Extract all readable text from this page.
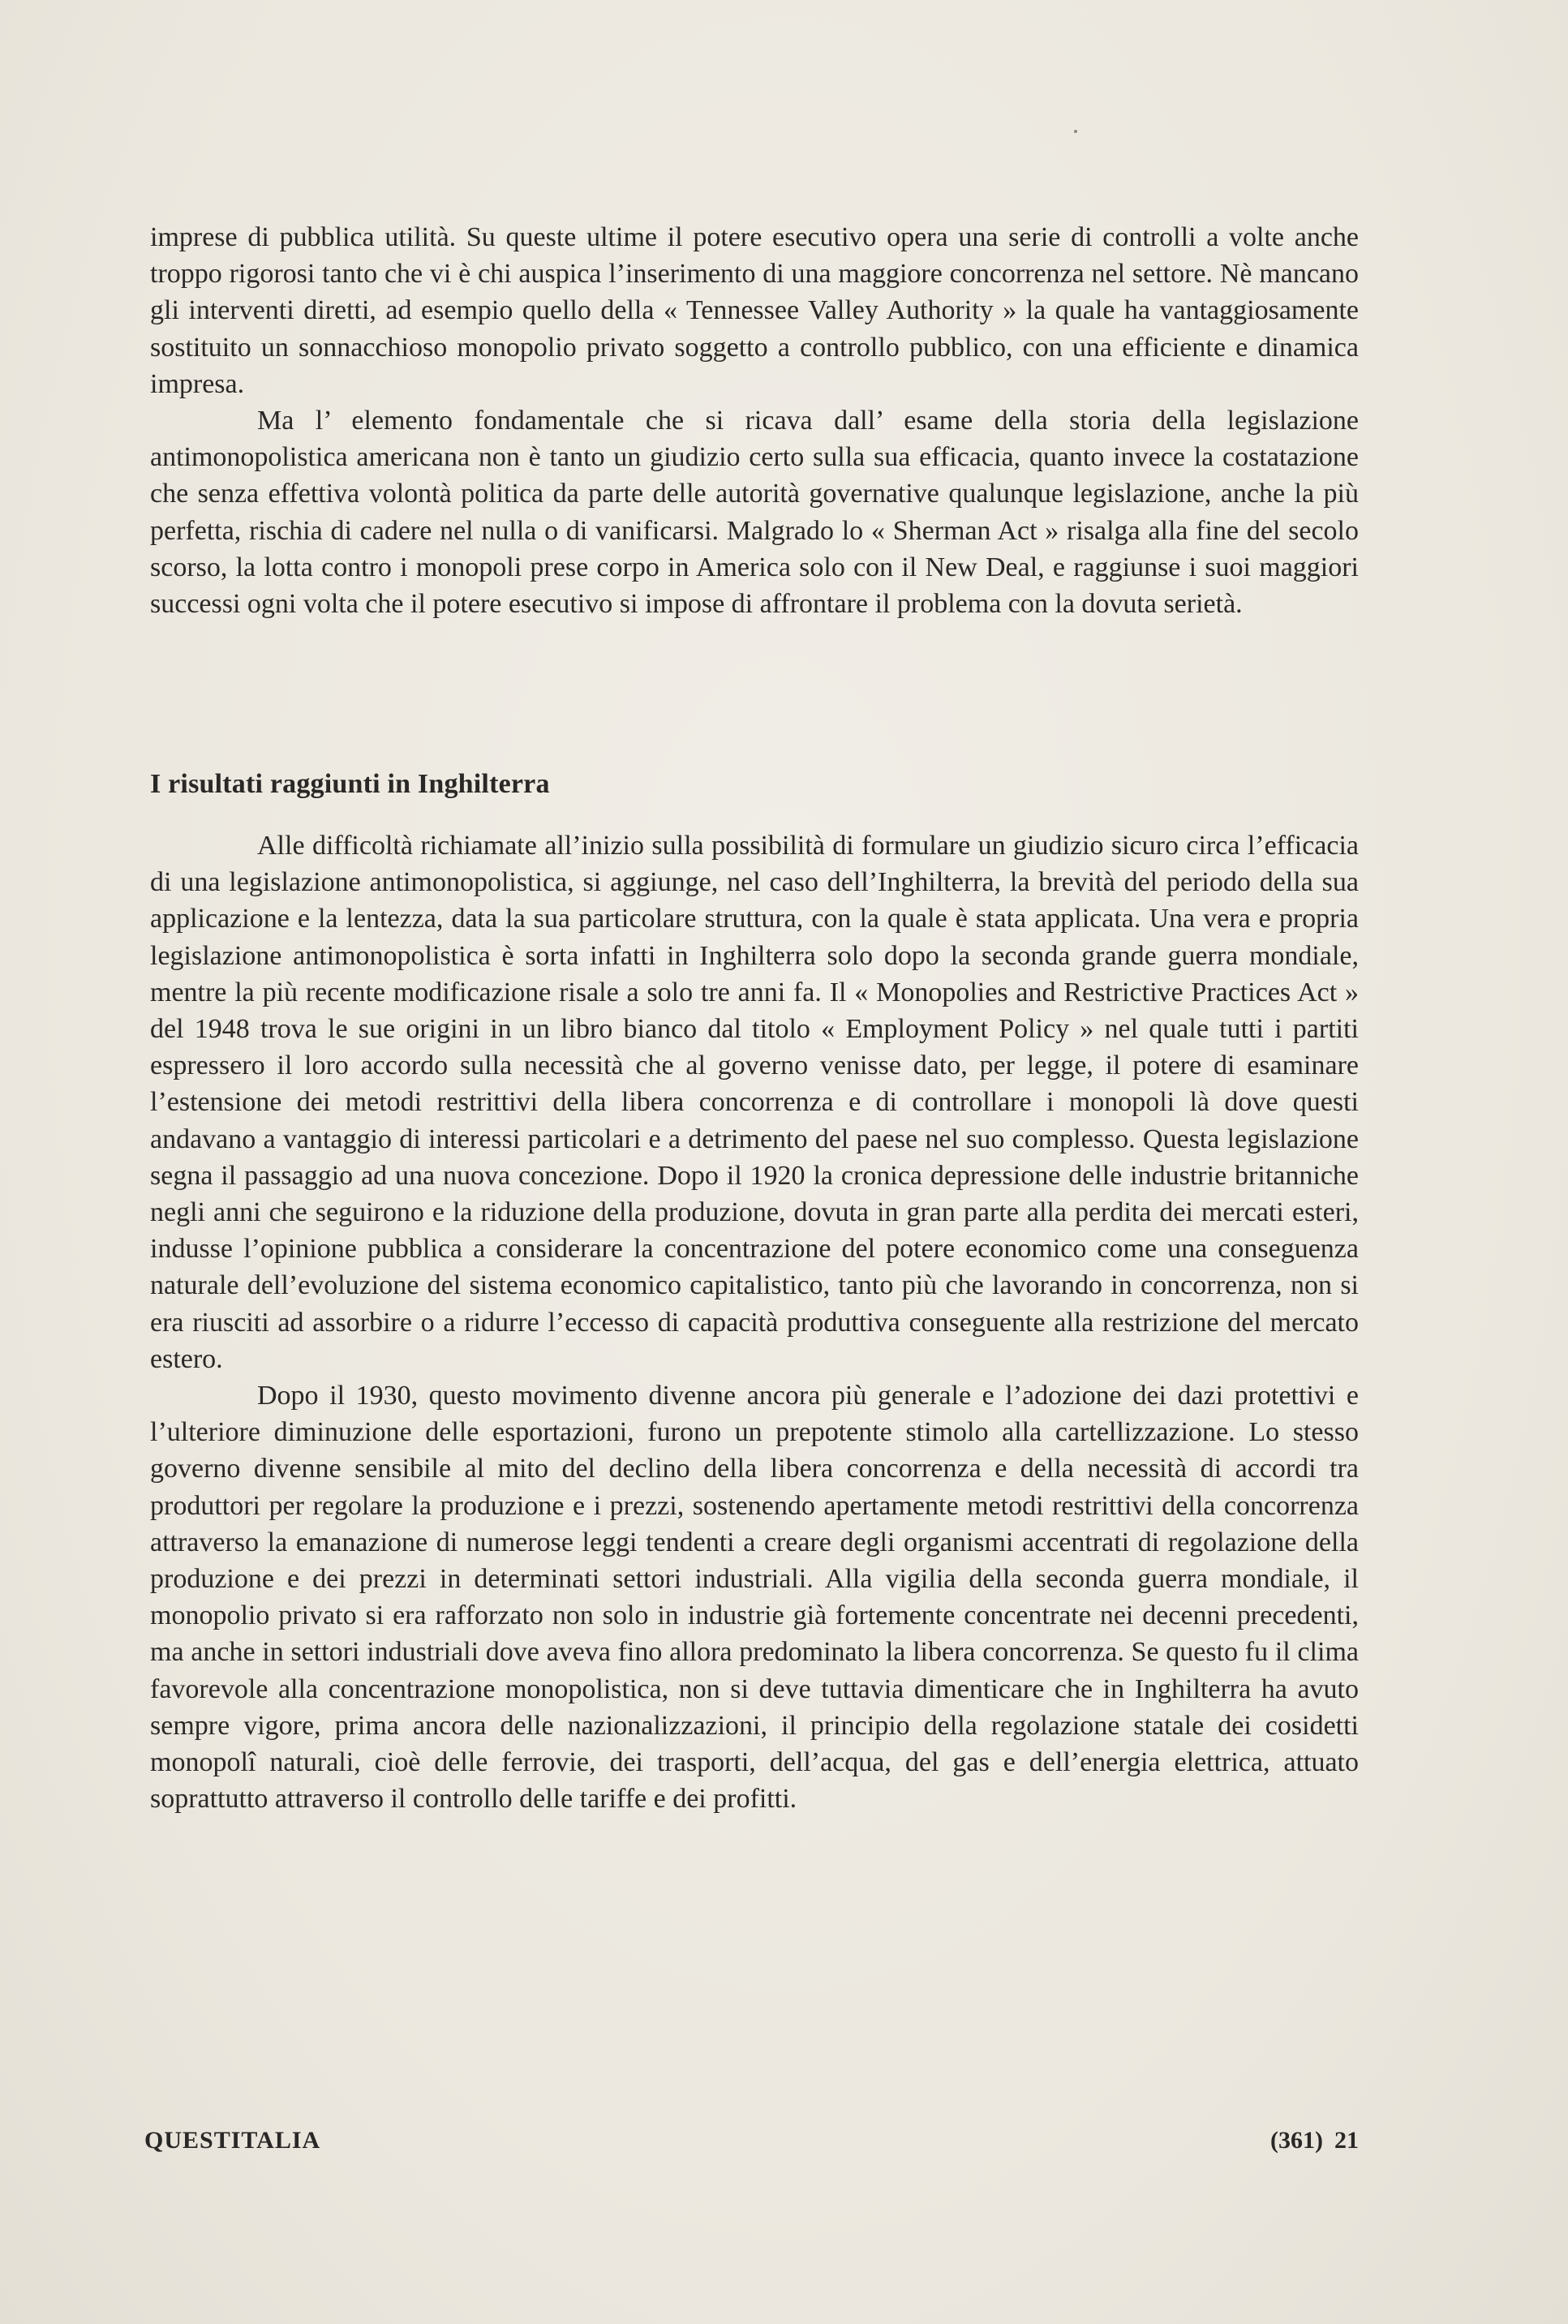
imprese di pubblica utilità. Su queste ultime il potere esecutivo opera una serie di controlli a volte anche troppo rigorosi tanto che vi è chi auspica l’inserimento di una maggiore concorrenza nel settore. Nè mancano gli interventi diretti, ad esempio quello della « Tennessee Valley Authority » la quale ha vantaggiosamente sostituito un sonnacchioso monopolio privato soggetto a controllo pubblico, con una efficiente e dinamica impresa.

Ma l’ elemento fondamentale che si ricava dall’ esame della storia della legislazione antimonopolistica americana non è tanto un giudizio certo sulla sua efficacia, quanto invece la costatazione che senza effettiva volontà politica da parte delle autorità governative qualunque legislazione, anche la più perfetta, rischia di cadere nel nulla o di vanificarsi. Malgrado lo « Sherman Act » risalga alla fine del secolo scorso, la lotta contro i monopoli prese corpo in America solo con il New Deal, e raggiunse i suoi maggiori successi ogni volta che il potere esecutivo si impose di affrontare il problema con la dovuta serietà.

I risultati raggiunti in Inghilterra

Alle difficoltà richiamate all’inizio sulla possibilità di formulare un giudizio sicuro circa l’efficacia di una legislazione antimonopolistica, si aggiunge, nel caso dell’Inghilterra, la brevità del periodo della sua applicazione e la lentezza, data la sua particolare struttura, con la quale è stata applicata. Una vera e propria legislazione antimonopolistica è sorta infatti in Inghilterra solo dopo la seconda grande guerra mondiale, mentre la più recente modificazione risale a solo tre anni fa. Il « Monopolies and Restrictive Practices Act » del 1948 trova le sue origini in un libro bianco dal titolo « Employment Policy » nel quale tutti i partiti espressero il loro accordo sulla necessità che al governo venisse dato, per legge, il potere di esaminare l’estensione dei metodi restrittivi della libera concorrenza e di controllare i monopoli là dove questi andavano a vantaggio di interessi particolari e a detrimento del paese nel suo complesso. Questa legislazione segna il passaggio ad una nuova concezione. Dopo il 1920 la cronica depressione delle industrie britanniche negli anni che seguirono e la riduzione della produzione, dovuta in gran parte alla perdita dei mercati esteri, indusse l’opinione pubblica a considerare la concentrazione del potere economico come una conseguenza naturale dell’evoluzione del sistema economico capitalistico, tanto più che lavorando in concorrenza, non si era riusciti ad assorbire o a ridurre l’eccesso di capacità produttiva conseguente alla restrizione del mercato estero.

Dopo il 1930, questo movimento divenne ancora più generale e l’adozione dei dazi protettivi e l’ulteriore diminuzione delle esportazioni, furono un prepotente stimolo alla cartellizzazione. Lo stesso governo divenne sensibile al mito del declino della libera concorrenza e della necessità di accordi tra produttori per regolare la produzione e i prezzi, sostenendo apertamente metodi restrittivi della concorrenza attraverso la emanazione di numerose leggi tendenti a creare degli organismi accentrati di regolazione della produzione e dei prezzi in determinati settori industriali. Alla vigilia della seconda guerra mondiale, il monopolio privato si era rafforzato non solo in industrie già fortemente concentrate nei decenni precedenti, ma anche in settori industriali dove aveva fino allora predominato la libera concorrenza. Se questo fu il clima favorevole alla concentrazione monopolistica, non si deve tuttavia dimenticare che in Inghilterra ha avuto sempre vigore, prima ancora delle nazionalizzazioni, il principio della regolazione statale dei cosidetti monopolî naturali, cioè delle ferrovie, dei trasporti, dell’acqua, del gas e dell’energia elettrica, attuato soprattutto attraverso il controllo delle tariffe e dei profitti.

QUESTITALIA	(361) 21
